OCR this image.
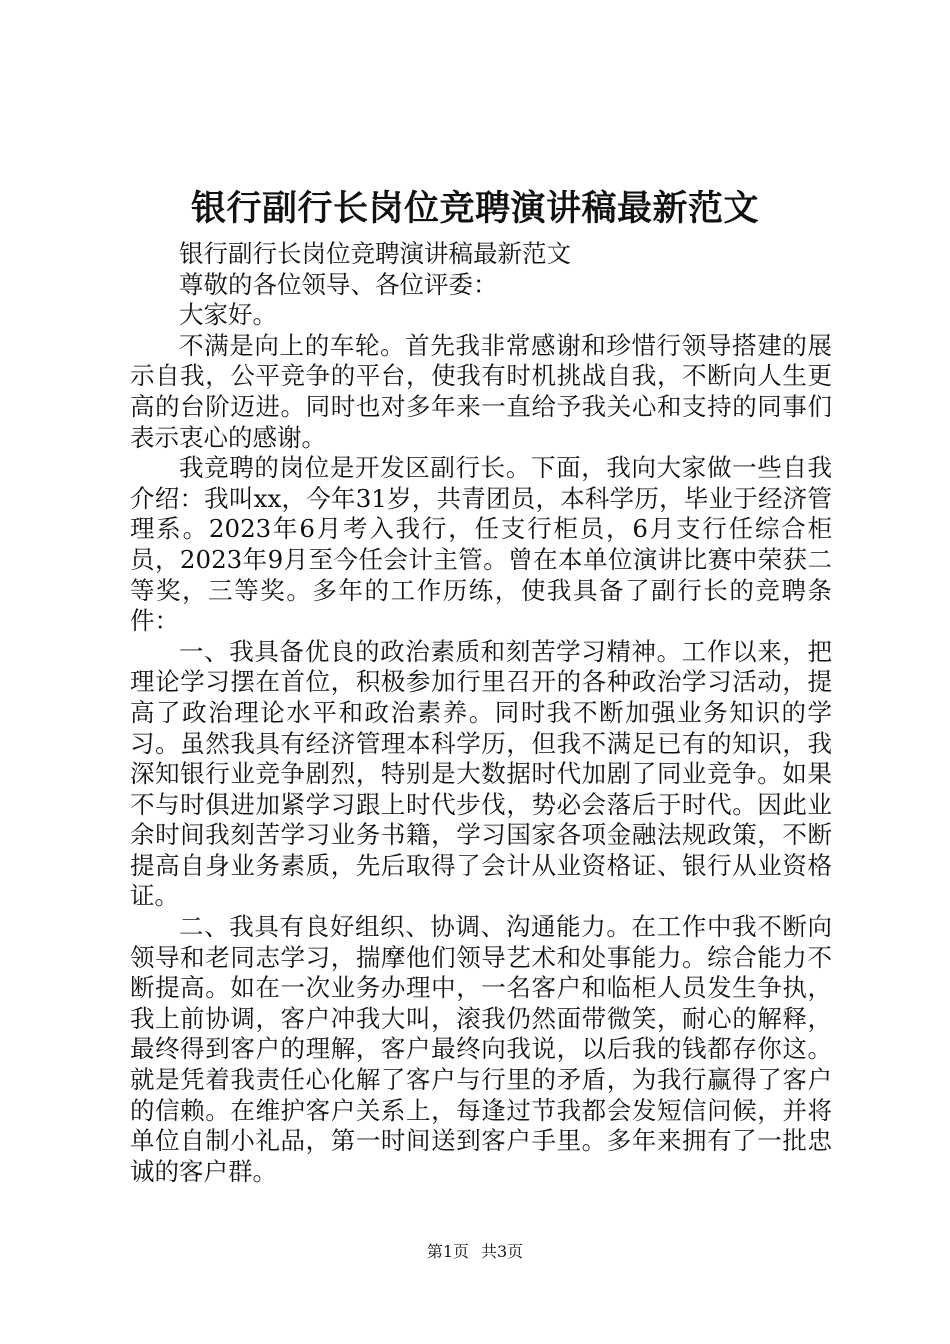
银行副行长岗位竞聘演讲稿最新范文

银行副行长岗位竞聘演讲稿最新范文

尊敬的各位领导、各位评委：

大家好。

不满是向上的车轮。首先我非常感谢和珍惜行领导搭建的展示自我，公平竞争的平台，使我有时机挑战自我，不断向人生更高的台阶迈进。同时也对多年来一直给予我关心和支持的同事们表示衷心的感谢。

我竞聘的岗位是开发区副行长。下面，我向大家做一些自我介绍：我叫xx，今年31岁，共青团员，本科学历，毕业于经济管理系。2023年6月考入我行，任支行柜员，6月支行任综合柜员，2023年9月至今任会计主管。曾在本单位演讲比赛中荣获二等奖，三等奖。多年的工作历练，使我具备了副行长的竞聘条件：

一、我具备优良的政治素质和刻苦学习精神。工作以来，把理论学习摆在首位，积极参加行里召开的各种政治学习活动，提高了政治理论水平和政治素养。同时我不断加强业务知识的学习。虽然我具有经济管理本科学历，但我不满足已有的知识，我深知银行业竞争剧烈，特别是大数据时代加剧了同业竞争。如果不与时俱进加紧学习跟上时代步伐，势必会落后于时代。因此业余时间我刻苦学习业务书籍，学习国家各项金融法规政策，不断提高自身业务素质，先后取得了会计从业资格证、银行从业资格证。

二、我具有良好组织、协调、沟通能力。在工作中我不断向领导和老同志学习，揣摩他们领导艺术和处事能力。综合能力不断提高。如在一次业务办理中，一名客户和临柜人员发生争执，我上前协调，客户冲我大叫，滚我仍然面带微笑，耐心的解释，最终得到客户的理解，客户最终向我说，以后我的钱都存你这。就是凭着我责任心化解了客户与行里的矛盾，为我行赢得了客户的信赖。在维护客户关系上，每逢过节我都会发短信问候，并将单位自制小礼品，第一时间送到客户手里。多年来拥有了一批忠诚的客户群。

第1页 共3页
